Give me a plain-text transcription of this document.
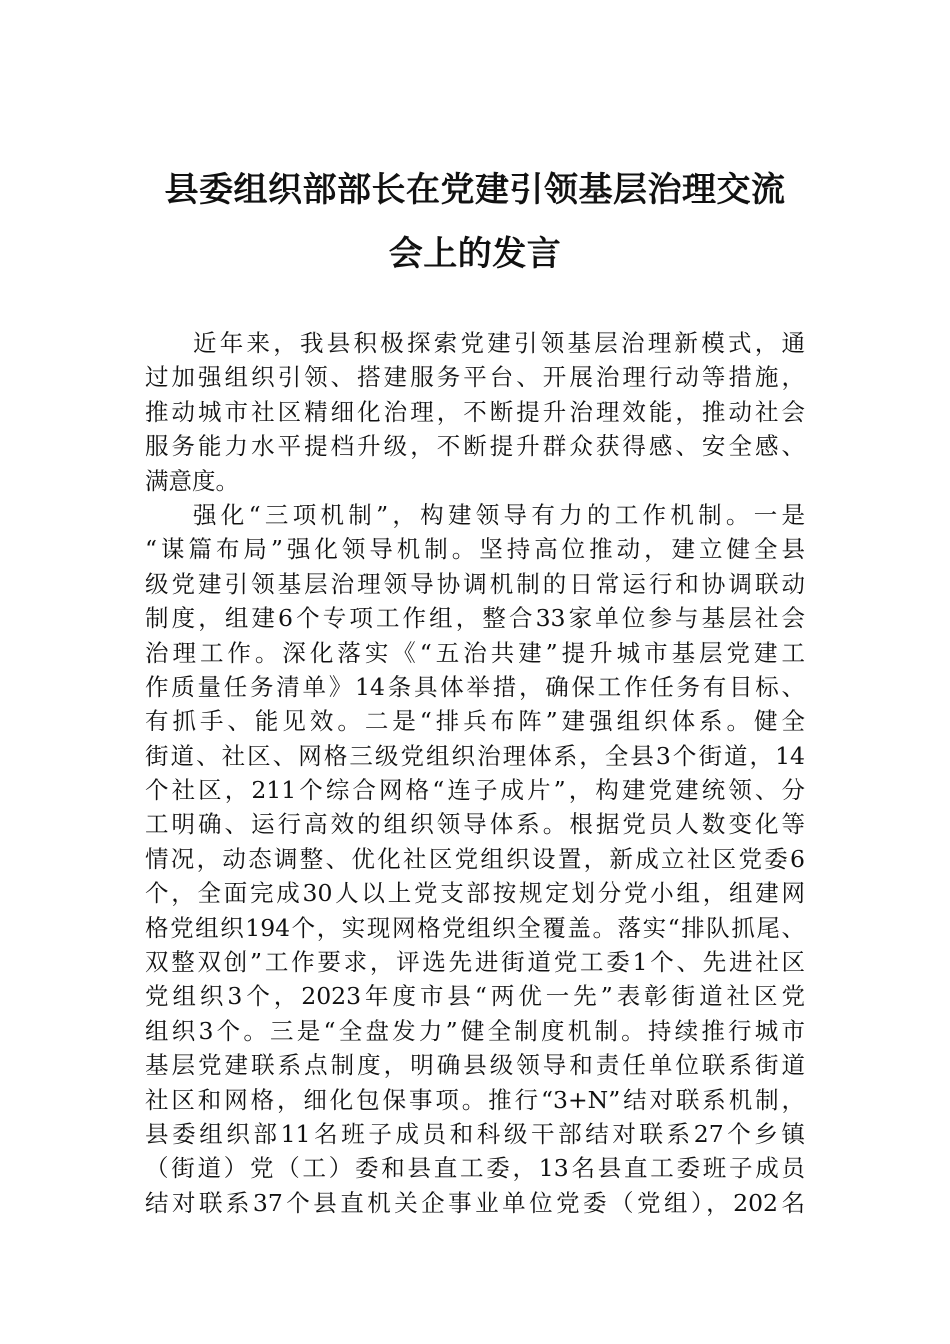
县委组织部部长在党建引领基层治理交流
会上的发言
近年来，我县积极探索党建引领基层治理新模式，通
过加强组织引领、搭建服务平台、开展治理行动等措施，
推动城市社区精细化治理，不断提升治理效能，推动社会
服务能力水平提档升级，不断提升群众获得感、安全感、
满意度。
强化“三项机制”，构建领导有力的工作机制。一是
“谋篇布局”强化领导机制。坚持高位推动，建立健全县
级党建引领基层治理领导协调机制的日常运行和协调联动
制度，组建6个专项工作组，整合33家单位参与基层社会
治理工作。深化落实《“五治共建”提升城市基层党建工
作质量任务清单》14条具体举措，确保工作任务有目标、
有抓手、能见效。二是“排兵布阵”建强组织体系。健全
街道、社区、网格三级党组织治理体系，全县3个街道，14
个社区，211个综合网格“连子成片”，构建党建统领、分
工明确、运行高效的组织领导体系。根据党员人数变化等
情况，动态调整、优化社区党组织设置，新成立社区党委6
个，全面完成30人以上党支部按规定划分党小组，组建网
格党组织194个，实现网格党组织全覆盖。落实“排队抓尾、
双整双创”工作要求，评选先进街道党工委1个、先进社区
党组织3个，2023年度市县“两优一先”表彰街道社区党
组织3个。三是“全盘发力”健全制度机制。持续推行城市
基层党建联系点制度，明确县级领导和责任单位联系街道
社区和网格，细化包保事项。推行“3+N”结对联系机制，
县委组织部11名班子成员和科级干部结对联系27个乡镇
（街道）党（工）委和县直工委，13名县直工委班子成员
结对联系37个县直机关企事业单位党委（党组），202名
